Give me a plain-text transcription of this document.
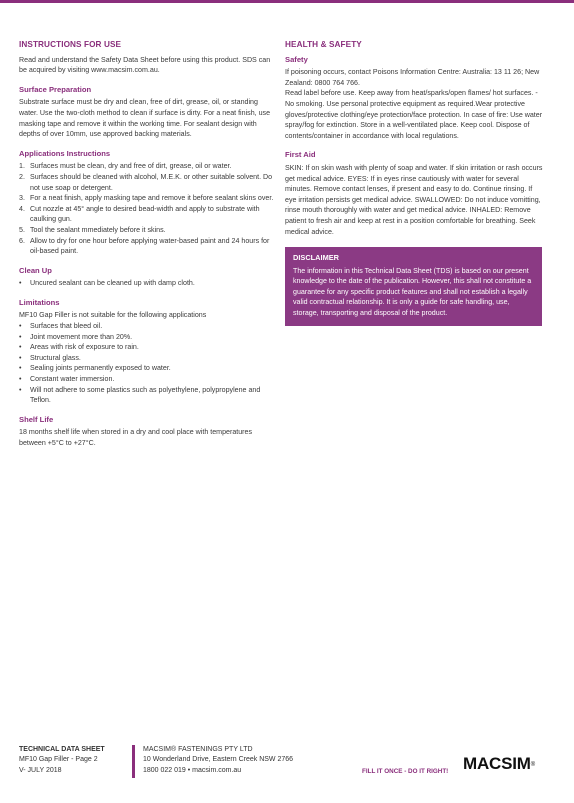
INSTRUCTIONS FOR USE

Read and understand the Safety Data Sheet before using this product. SDS can be acquired by visiting www.macsim.com.au.

Surface Preparation

Substrate surface must be dry and clean, free of dirt, grease, oil, or standing water. Use the two-cloth method to clean if surface is dirty. For a neat finish, use masking tape and remove it within the working time. For sealant design with depths of over 10mm, use approved backing materials.

Applications Instructions
1. Surfaces must be clean, dry and free of dirt, grease, oil or water.
2. Surfaces should be cleaned with alcohol, M.E.K. or other suitable solvent. Do not use soap or detergent.
3. For a neat finish, apply masking tape and remove it before sealant skins over.
4. Cut nozzle at 45° angle to desired bead-width and apply to substrate with caulking gun.
5. Tool the sealant mmediately before it skins.
6. Allow to dry for one hour before applying water-based paint and 24 hours for oil-based paint.
Clean Up
• Uncured sealant can be cleaned up with damp cloth.
Limitations

MF10 Gap Filler is not suitable for the following applications

• Surfaces that bleed oil.
• Joint movement more than 20%.
• Areas with risk of exposure to rain.
• Structural glass.
• Sealing joints permanently exposed to water.
• Constant water immersion.
• Will not adhere to some plastics such as polyethylene, polypropylene and Teflon.
Shelf Life

18 months shelf life when stored in a dry and cool place with temperatures between +5°C to +27°C.

HEALTH & SAFETY
Safety

If poisoning occurs, contact Poisons Information Centre: Australia: 13 11 26; New Zealand: 0800 764 766.

Read label before use. Keep away from heat/sparks/open flames/ hot surfaces. - No smoking. Use personal protective equipment as required.Wear protective gloves/protective clothing/eye protection/face protection. In case of fire: Use water spray/fog for extinction. Store in a well-ventilated place. Keep cool. Dispose of contents/container in accordance with local regulations.

First Aid

SKIN: If on skin wash with plenty of soap and water. If skin irritation or rash occurs get medical advice. EYES: If in eyes rinse cautiously with water for several minutes. Remove contact lenses, if present and easy to do. Continue rinsing. If eye irritation persists get medical advice. SWALLOWED: Do not induce vomitting, rinse mouth thoroughly with water and get medical advice. INHALED: Remove patient to fresh air and keep at rest in a position comfortable for breathing. Seek medical advice.

DISCLAIMER
The information in this Technical Data Sheet (TDS) is based on our present knowledge to the date of the publication. However, this shall not constitute a guarantee for any specific product features and shall not establish a legally valid contractual relationship. It is only a guide for safe handling, use, storage, transporting and disposal of the product.
TECHNICAL DATA SHEET
MF10 Gap Filler - Page 2
V- JULY 2018
MACSIM® FASTENINGS PTY LTD
10 Wonderland Drive, Eastern Creek NSW 2766
1800 022 019 • macsim.com.au	FILL IT ONCE - DO IT RIGHT! MACSIM®
